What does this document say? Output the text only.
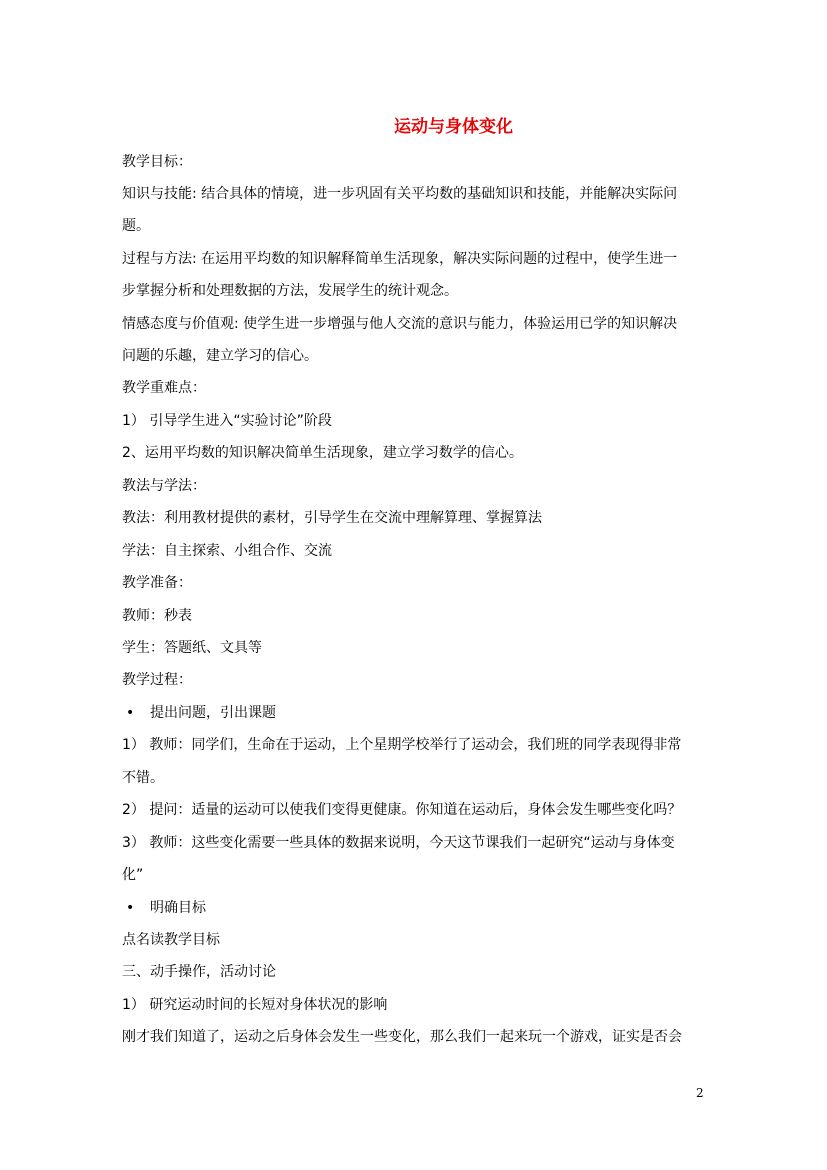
运动与身体变化
教学目标：
知识与技能: 结合具体的情境，进一步巩固有关平均数的基础知识和技能，并能解决实际问
题。
过程与方法: 在运用平均数的知识解释简单生活现象，解决实际问题的过程中，使学生进一
步掌握分析和处理数据的方法，发展学生的统计观念。
情感态度与价值观: 使学生进一步增强与他人交流的意识与能力，体验运用已学的知识解决
问题的乐趣，建立学习的信心。
教学重难点：
1） 引导学生进入“实验讨论”阶段
2、运用平均数的知识解决简单生活现象，建立学习数学的信心。
教法与学法：
教法：利用教材提供的素材，引导学生在交流中理解算理、掌握算法
学法：自主探索、小组合作、交流
教学准备：
教师：秒表
学生：答题纸、文具等
教学过程：
• 提出问题，引出课题
1） 教师：同学们，生命在于运动，上个星期学校举行了运动会，我们班的同学表现得非常
不错。
2） 提问：适量的运动可以使我们变得更健康。你知道在运动后，身体会发生哪些变化吗？
3） 教师：这些变化需要一些具体的数据来说明，今天这节课我们一起研究“运动与身体变
化”
• 明确目标
点名读教学目标
三、动手操作，活动讨论
1） 研究运动时间的长短对身体状况的影响
刚才我们知道了，运动之后身体会发生一些变化，那么我们一起来玩一个游戏，证实是否会
2
